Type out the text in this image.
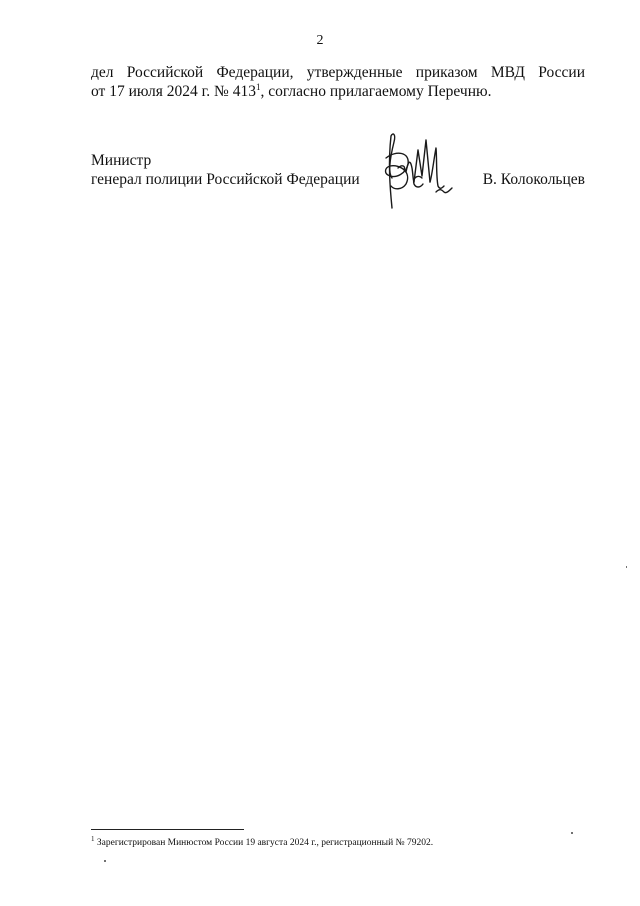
2
дел Российской Федерации, утвержденные приказом МВД России
от 17 июля 2024 г. № $413^1$, согласно прилагаемому Перечню.
Министр
генерал полиции Российской Федерации	В. Колокольцев
$^1$ Зарегистрирован Минюстом России 19 августа 2024 г., регистрационный № 79202.
